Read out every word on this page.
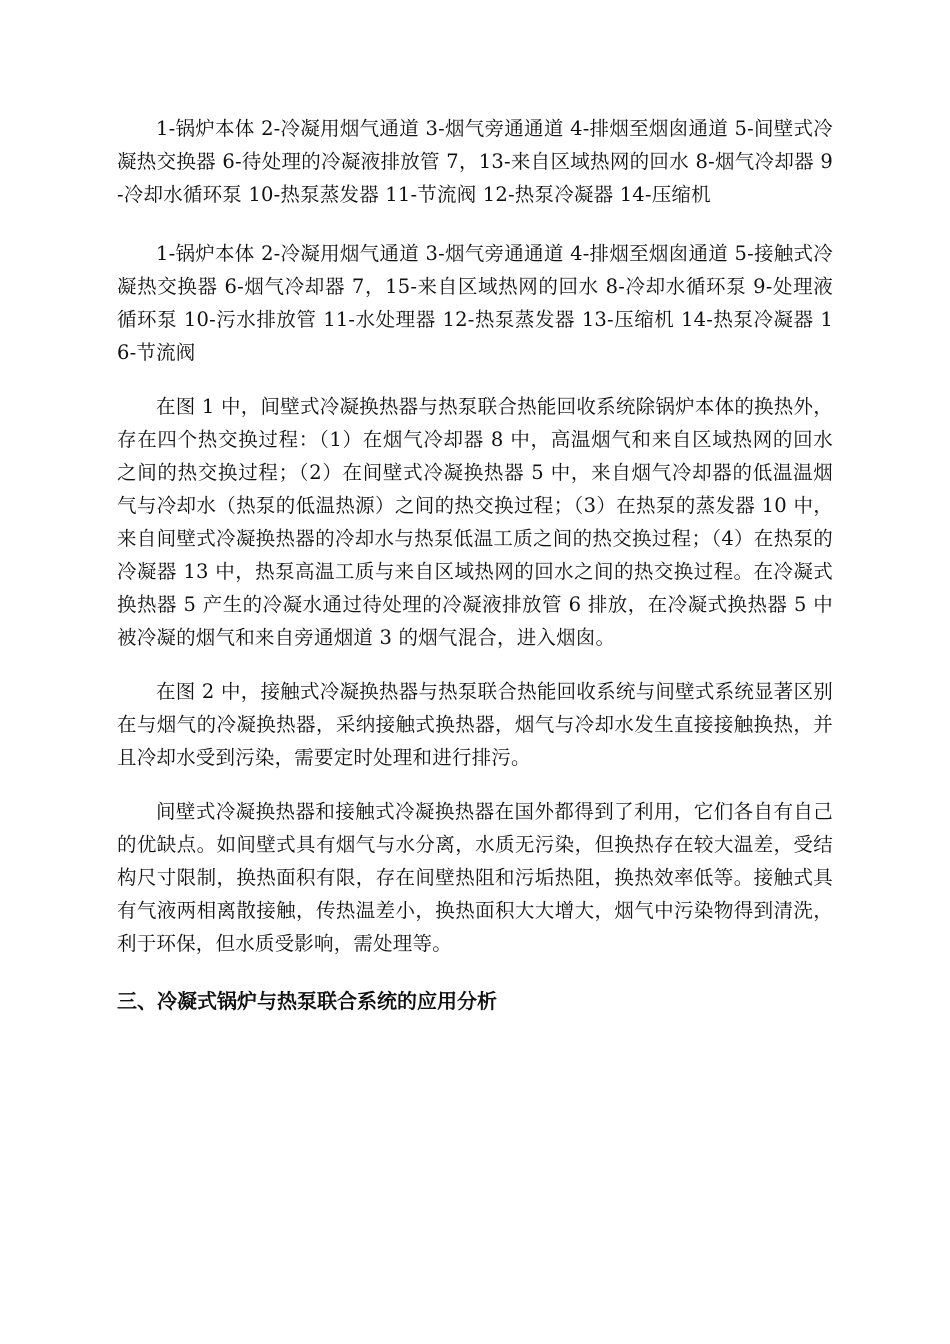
1-锅炉本体 2-冷凝用烟气通道 3-烟气旁通通道 4-排烟至烟囱通道 5-间壁式冷凝热交换器 6-待处理的冷凝液排放管 7，13-来自区域热网的回水 8-烟气冷却器 9-冷却水循环泵 10-热泵蒸发器 11-节流阀 12-热泵冷凝器 14-压缩机

1-锅炉本体 2-冷凝用烟气通道 3-烟气旁通通道 4-排烟至烟囱通道 5-接触式冷凝热交换器 6-烟气冷却器 7，15-来自区域热网的回水 8-冷却水循环泵 9-处理液循环泵 10-污水排放管 11-水处理器 12-热泵蒸发器 13-压缩机 14-热泵冷凝器 16-节流阀

在图 1 中，间壁式冷凝换热器与热泵联合热能回收系统除锅炉本体的换热外，存在四个热交换过程：（1）在烟气冷却器 8 中，高温烟气和来自区域热网的回水之间的热交换过程；（2）在间壁式冷凝换热器 5 中，来自烟气冷却器的低温温烟气与冷却水（热泵的低温热源）之间的热交换过程；（3）在热泵的蒸发器 10 中，来自间壁式冷凝换热器的冷却水与热泵低温工质之间的热交换过程；（4）在热泵的冷凝器 13 中，热泵高温工质与来自区域热网的回水之间的热交换过程。在冷凝式换热器 5 产生的冷凝水通过待处理的冷凝液排放管 6 排放，在冷凝式换热器 5 中被冷凝的烟气和来自旁通烟道 3 的烟气混合，进入烟囱。

在图 2 中，接触式冷凝换热器与热泵联合热能回收系统与间壁式系统显著区别在与烟气的冷凝换热器，采纳接触式换热器，烟气与冷却水发生直接接触换热，并且冷却水受到污染，需要定时处理和进行排污。

间壁式冷凝换热器和接触式冷凝换热器在国外都得到了利用，它们各自有自己的优缺点。如间壁式具有烟气与水分离，水质无污染，但换热存在较大温差，受结构尺寸限制，换热面积有限，存在间壁热阻和污垢热阻，换热效率低等。接触式具有气液两相离散接触，传热温差小，换热面积大大增大，烟气中污染物得到清洗，利于环保，但水质受影响，需处理等。

三、冷凝式锅炉与热泵联合系统的应用分析
